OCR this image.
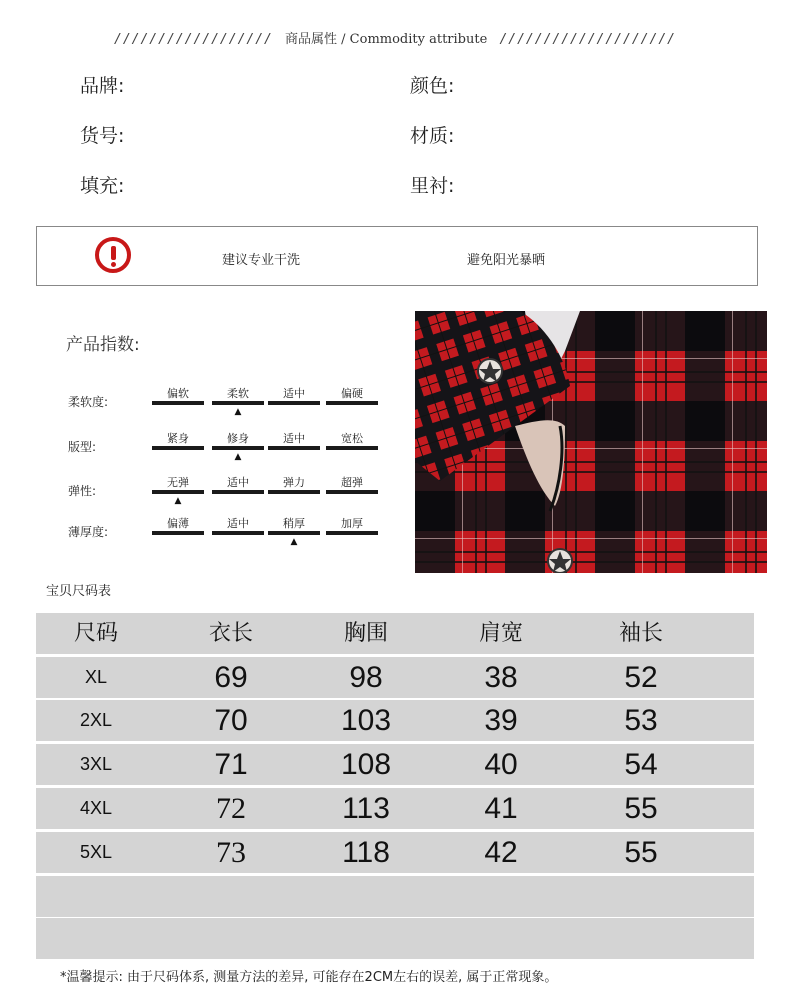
////////////////// 商品属性 / Commodity attribute ////////////////////
品牌:	颜色:
货号:	材质:
填充:	里衬:
建议专业干洗	避免阳光暴晒
产品指数:
柔软度:
偏软	柔软	适中	偏硬
▲
版型:
紧身	修身	适中	宽松
▲
弹性:
无弹	适中	弹力	超弹
▲
薄厚度:
偏薄	适中	稍厚	加厚
▲
宝贝尺码表
尺码	衣长	胸围	肩宽	袖长
XL	69	98	38	52
2XL	70	103	39	53
3XL	71	108	40	54
4XL	72	113	41	55
5XL	73	118	42	55
*温馨提示: 由于尺码体系, 测量方法的差异, 可能存在2CM左右的误差, 属于正常现象。
